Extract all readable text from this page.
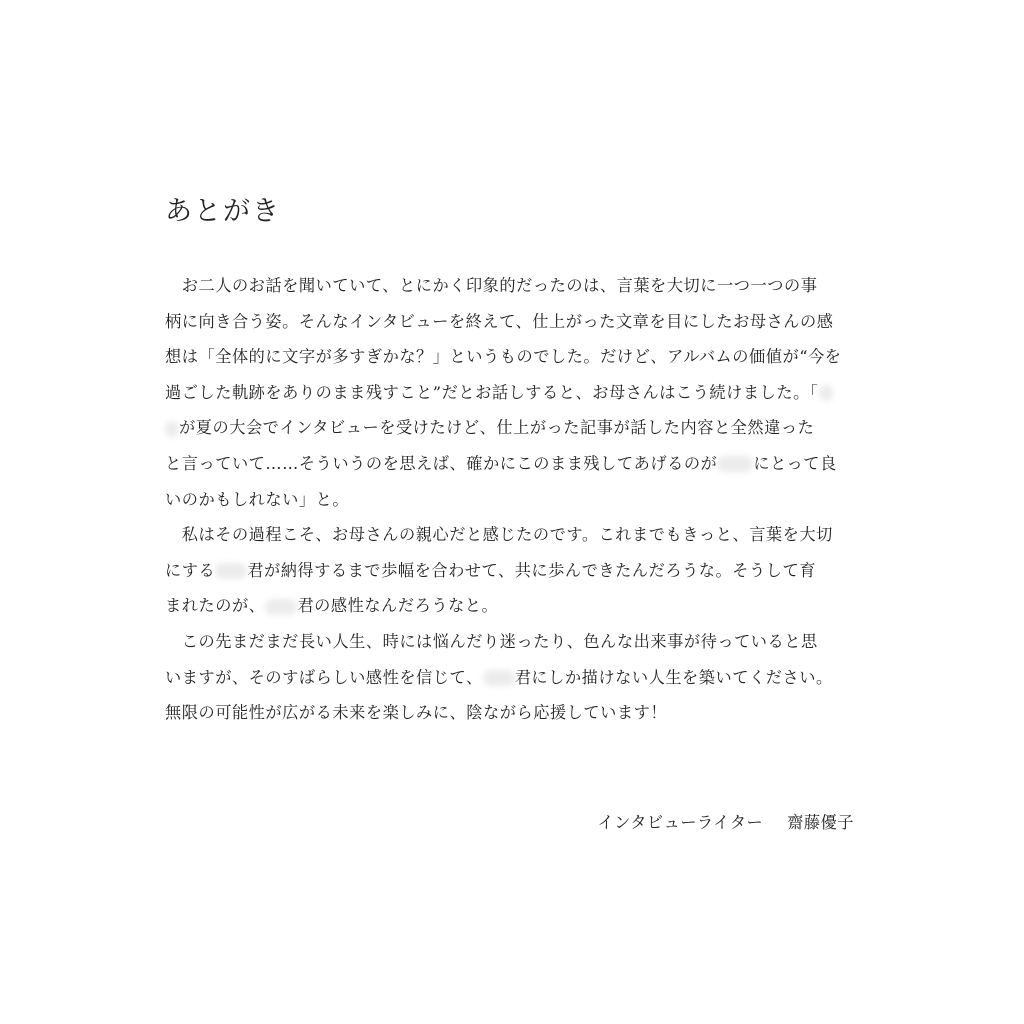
あとがき
　お二人のお話を聞いていて、とにかく印象的だったのは、言葉を大切に一つ一つの事
柄に向き合う姿。そんなインタビューを終えて、仕上がった文章を目にしたお母さんの感
想は「全体的に文字が多すぎかな？」というものでした。だけど、アルバムの価値が“今を
過ごした軌跡をありのまま残すこと”だとお話しすると、お母さんはこう続けました。「
が夏の大会でインタビューを受けたけど、仕上がった記事が話した内容と全然違った
と言っていて……そういうのを思えば、確かにこのまま残してあげるのが にとって良
いのかもしれない」と。
　私はその過程こそ、お母さんの親心だと感じたのです。これまでもきっと、言葉を大切
にする 君が納得するまで歩幅を合わせて、共に歩んできたんだろうな。そうして育
まれたのが、 君の感性なんだろうなと。
　この先まだまだ長い人生、時には悩んだり迷ったり、色んな出来事が待っていると思
いますが、そのすばらしい感性を信じて、 君にしか描けない人生を築いてください。
無限の可能性が広がる未来を楽しみに、陰ながら応援しています！
インタビューライター 齋藤優子
